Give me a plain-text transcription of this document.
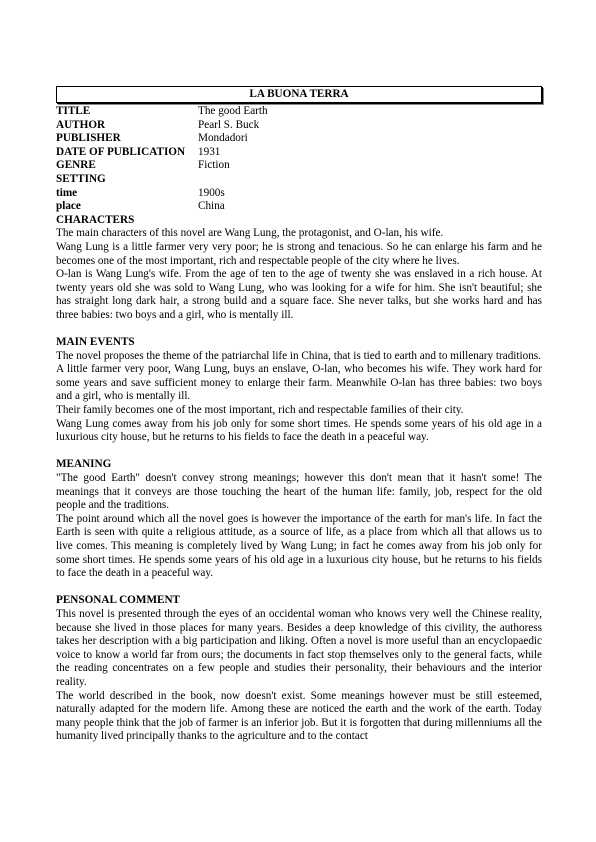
LA BUONA TERRA
TITLE	The good Earth
AUTHOR	Pearl S. Buck
PUBLISHER	Mondadori
DATE OF PUBLICATION	1931
GENRE	Fiction
SETTING
time	1900s
place	China
CHARACTERS

The main characters of this novel are Wang Lung, the protagonist, and O-lan, his wife.

Wang Lung is a little farmer very very poor; he is strong and tenacious. So he can enlarge his farm and he becomes one of the most important, rich and respectable people of the city where he lives.

O-lan is Wang Lung's wife. From the age of ten to the age of twenty she was enslaved in a rich house. At twenty years old she was sold to Wang Lung, who was looking for a wife for him. She isn't beautiful; she has straight long dark hair, a strong build and a square face. She never talks, but she works hard and has three babies: two boys and a girl, who is mentally ill.

MAIN EVENTS

The novel proposes the theme of the patriarchal life in China, that is tied to earth and to millenary traditions.

A little farmer very poor, Wang Lung, buys an enslave, O-lan, who becomes his wife. They work hard for some years and save sufficient money to enlarge their farm. Meanwhile O-lan has three babies: two boys and a girl, who is mentally ill.

Their family becomes one of the most important, rich and respectable families of their city.

Wang Lung comes away from his job only for some short times. He spends some years of his old age in a luxurious city house, but he returns to his fields to face the death in a peaceful way.

MEANING

"The good Earth" doesn't convey strong meanings; however this don't mean that it hasn't some! The meanings that it conveys are those touching the heart of the human life: family, job, respect for the old people and the traditions.

The point around which all the novel goes is however the importance of the earth for man's life. In fact the Earth is seen with quite a religious attitude, as a source of life, as a place from which all that allows us to live comes. This meaning is completely lived by Wang Lung; in fact he comes away from his job only for some short times. He spends some years of his old age in a luxurious city house, but he returns to his fields to face the death in a peaceful way.

PENSONAL COMMENT

This novel is presented through the eyes of an occidental woman who knows very well the Chinese reality, because she lived in those places for many years. Besides a deep knowledge of this civility, the authoress takes her description with a big participation and liking. Often a novel is more useful than an encyclopaedic voice to know a world far from ours; the documents in fact stop themselves only to the general facts, while the reading concentrates on a few people and studies their personality, their behaviours and the interior reality.

The world described in the book, now doesn't exist. Some meanings however must be still esteemed, naturally adapted for the modern life. Among these are noticed the earth and the work of the earth. Today many people think that the job of farmer is an inferior job. But it is forgotten that during millenniums all the humanity lived principally thanks to the agriculture and to the contact
